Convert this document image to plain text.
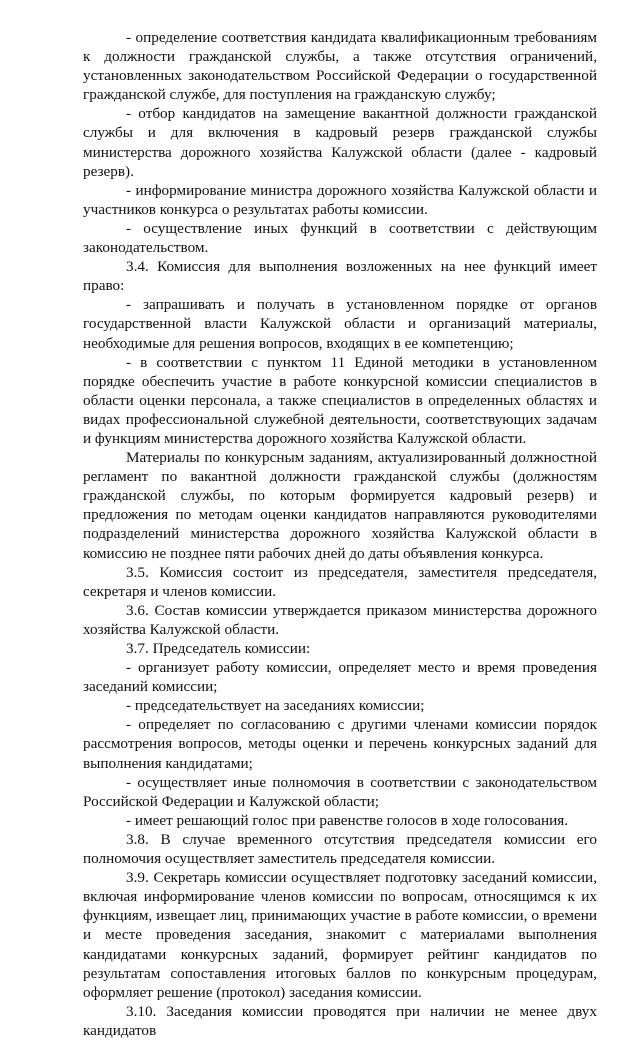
- определение соответствия кандидата квалификационным требованиям к должности гражданской службы, а также отсутствия ограничений, установленных законодательством Российской Федерации о государственной гражданской службе, для поступления на гражданскую службу;

- отбор кандидатов на замещение вакантной должности гражданской службы и для включения в кадровый резерв гражданской службы министерства дорожного хозяйства Калужской области (далее - кадровый резерв).

- информирование министра дорожного хозяйства Калужской области и участников конкурса о результатах работы комиссии.

- осуществление иных функций в соответствии с действующим законодательством.

3.4. Комиссия для выполнения возложенных на нее функций имеет право:

- запрашивать и получать в установленном порядке от органов государственной власти Калужской области и организаций материалы, необходимые для решения вопросов, входящих в ее компетенцию;

- в соответствии с пунктом 11 Единой методики в установленном порядке обеспечить участие в работе конкурсной комиссии специалистов в области оценки персонала, а также специалистов в определенных областях и видах профессиональной служебной деятельности, соответствующих задачам и функциям министерства дорожного хозяйства Калужской области.

Материалы по конкурсным заданиям, актуализированный должностной регламент по вакантной должности гражданской службы (должностям гражданской службы, по которым формируется кадровый резерв) и предложения по методам оценки кандидатов направляются руководителями подразделений министерства дорожного хозяйства Калужской области в комиссию не позднее пяти рабочих дней до даты объявления конкурса.

3.5. Комиссия состоит из председателя, заместителя председателя, секретаря и членов комиссии.

3.6. Состав комиссии утверждается приказом министерства дорожного хозяйства Калужской области.

3.7. Председатель комиссии:

- организует работу комиссии, определяет место и время проведения заседаний комиссии;

- председательствует на заседаниях комиссии;

- определяет по согласованию с другими членами комиссии порядок рассмотрения вопросов, методы оценки и перечень конкурсных заданий для выполнения кандидатами;

- осуществляет иные полномочия в соответствии с законодательством Российской Федерации и Калужской области;

- имеет решающий голос при равенстве голосов в ходе голосования.

3.8. В случае временного отсутствия председателя комиссии его полномочия осуществляет заместитель председателя комиссии.

3.9. Секретарь комиссии осуществляет подготовку заседаний комиссии, включая информирование членов комиссии по вопросам, относящимся к их функциям, извещает лиц, принимающих участие в работе комиссии, о времени и месте проведения заседания, знакомит с материалами выполнения кандидатами конкурсных заданий, формирует рейтинг кандидатов по результатам сопоставления итоговых баллов по конкурсным процедурам, оформляет решение (протокол) заседания комиссии.

3.10. Заседания комиссии проводятся при наличии не менее двух кандидатов
